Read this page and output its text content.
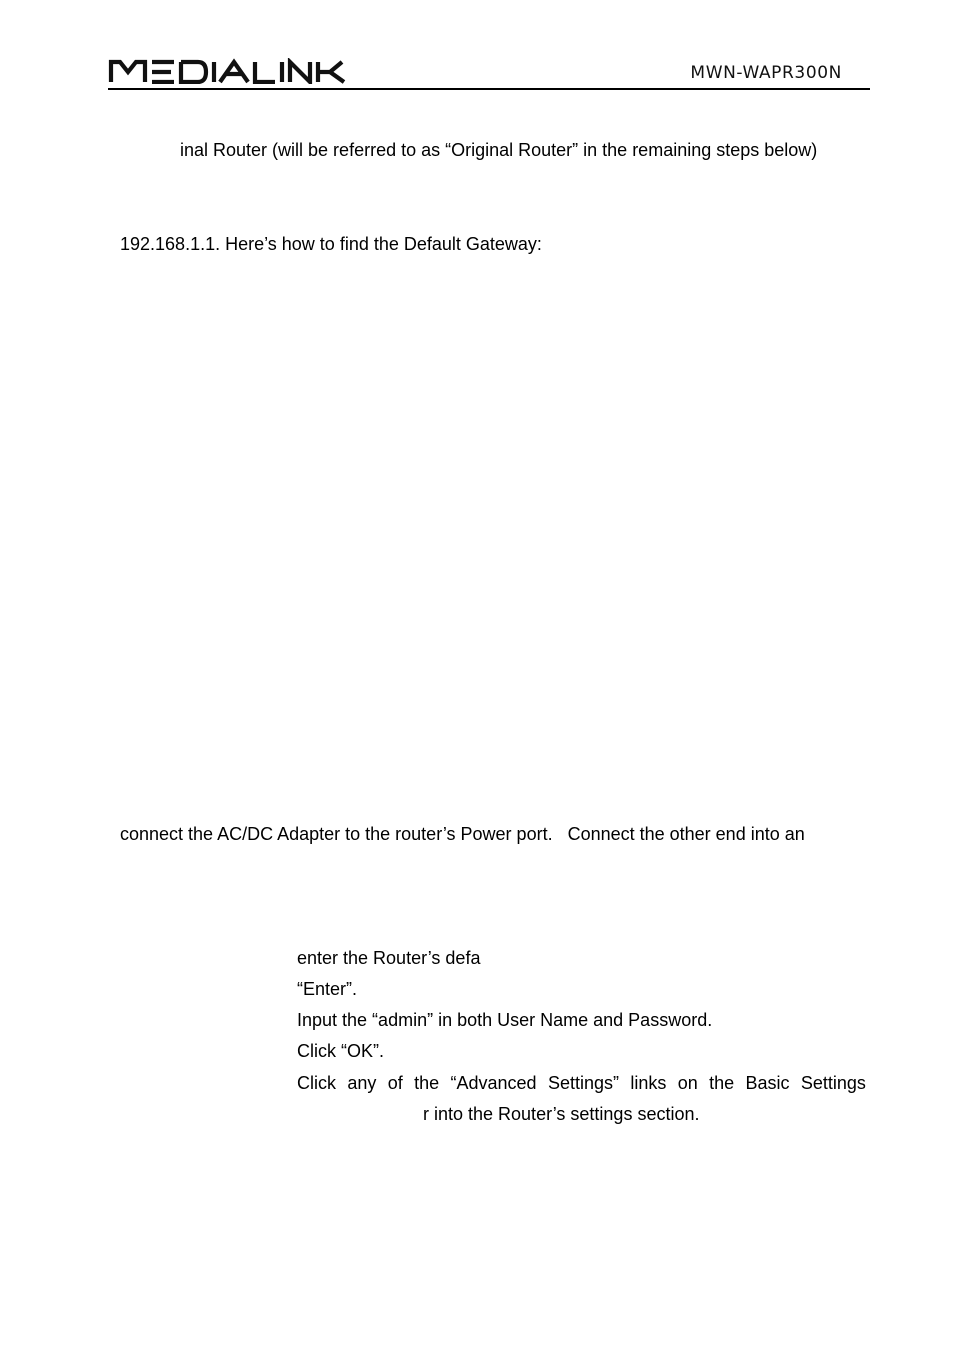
MWN-WAPR300N
inal Router (will be referred to as “Original Router” in the remaining steps below)
192.168.1.1. Here’s how to find the Default Gateway:
connect the AC/DC Adapter to the router’s Power port.   Connect the other end into an
enter the Router’s defa
“Enter”.
Input the “admin” in both User Name and Password.
Click “OK”.
Click any of the “Advanced Settings” links on the Basic Settings
r into the Router’s settings section.
